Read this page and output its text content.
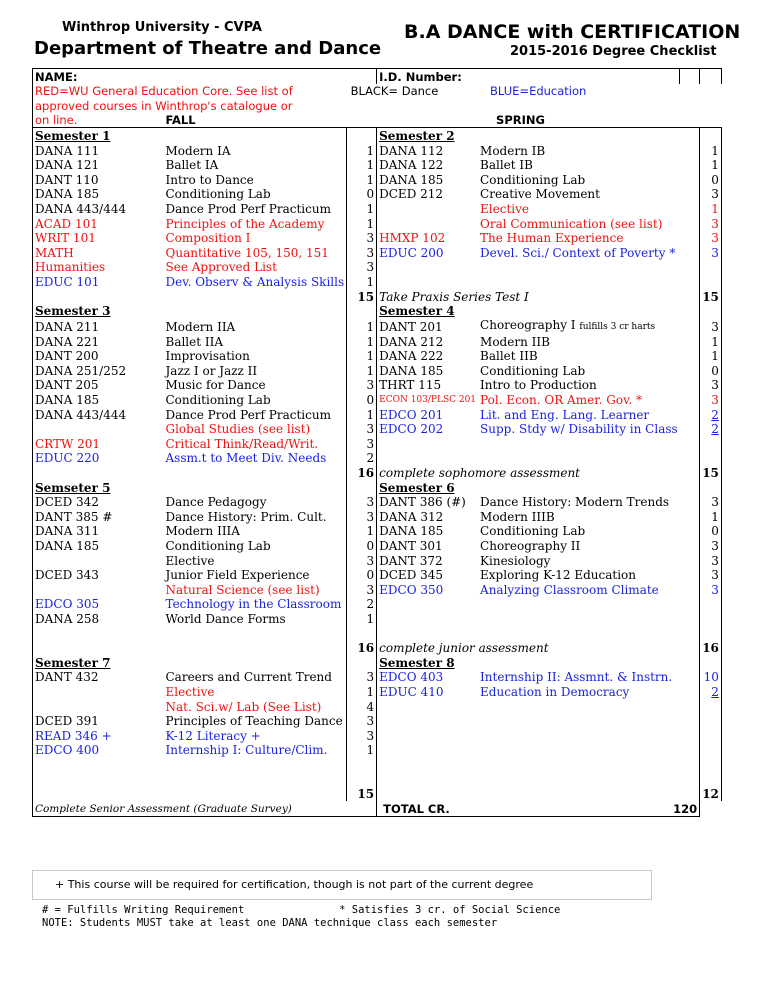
Winthrop University - CVPA
Department of Theatre and Dance
B.A DANCE with CERTIFICATION
2015-2016 Degree Checklist
NAME:		I.D. Number:			
RED=WU General Education Core. See list of	BLACK= Dance	BLUE=Education		
approved courses in Winthrop's catalogue or				
on line.	FALL			SPRING		
Semester 1			Semester 2			
DANA 111	Modern IA	1	DANA 112	Modern IB		1
DANA 121	Ballet IA	1	DANA 122	Ballet IB		1
DANT 110	Intro to Dance	1	DANA 185	Conditioning Lab		0
DANA 185	Conditioning Lab	0	DCED 212	Creative Movement		3
DANA 443/444	Dance Prod Perf Practicum	1		Elective		1
ACAD 101	Principles of the Academy	1		Oral Communication (see list)		3
WRIT 101	Composition I	3	HMXP 102	The Human Experience		3
MATH	Quantitative 105, 150, 151	3	EDUC 200	Devel. Sci./ Context of Poverty *		3
Humanities	See Approved List	3				
EDUC 101	Dev. Observ & Analysis Skills	1				
		15	Take Praxis Series Test I		15
Semester 3			Semester 4			
DANA 211	Modern IIA	1	DANT 201	Choreography I fulfills 3 cr harts		3
DANA 221	Ballet IIA	1	DANA 212	Modern IIB		1
DANT 200	Improvisation	1	DANA 222	Ballet IIB		1
DANA 251/252	Jazz I or Jazz II	1	DANA 185	Conditioning Lab		0
DANT 205	Music for Dance	3	THRT 115	Intro to Production		3
DANA 185	Conditioning Lab	0	ECON 103/PLSC 201	Pol. Econ. OR Amer. Gov. *		3
DANA 443/444	Dance Prod Perf Practicum	1	EDCO 201	Lit. and Eng. Lang. Learner		2
	Global Studies (see list)	3	EDCO 202	Supp. Stdy w/ Disability in Class		2
CRTW 201	Critical Think/Read/Writ.	3				
EDUC 220	Assm.t to Meet Div. Needs	2				
		16	complete sophomore assessment		15
Semseter 5			Semester 6			
DCED 342	Dance Pedagogy	3	DANT 386 (#)	Dance History: Modern Trends		3
DANT 385 #	Dance History: Prim. Cult.	3	DANA 312	Modern IIIB		1
DANA 311	Modern IIIA	1	DANA 185	Conditioning Lab		0
DANA 185	Conditioning Lab	0	DANT 301	Choreography II		3
	Elective	3	DANT 372	Kinesiology		3
DCED 343	Junior Field Experience	0	DCED 345	Exploring K-12 Education		3
	Natural Science (see list)	3	EDCO 350	Analyzing Classroom Climate		3
EDCO 305	Technology in the Classroom	2				
DANA 258	World Dance Forms	1				

		16	complete junior assessment		16
Semester 7			Semester 8			
DANT 432	Careers and Current Trend	3	EDCO 403	Internship II: Assmnt. & Instrn.		10
	Elective	1	EDUC 410	Education in Democracy		2
	Nat. Sci.w/ Lab (See List)	4				
DCED 391	Principles of Teaching Dance	3				
READ 346 +	K-12 Literacy +	3				
EDCO 400	Internship I: Culture/Clim.	1				

		15				12
Complete Senior Assessment (Graduate Survey)	TOTAL CR.	120	
+ This course will be required for certification, though is not part of the current degree
# = Fulfills Writing Requirement               * Satisfies 3 cr. of Social Science
NOTE: Students MUST take at least one DANA technique class each semester
